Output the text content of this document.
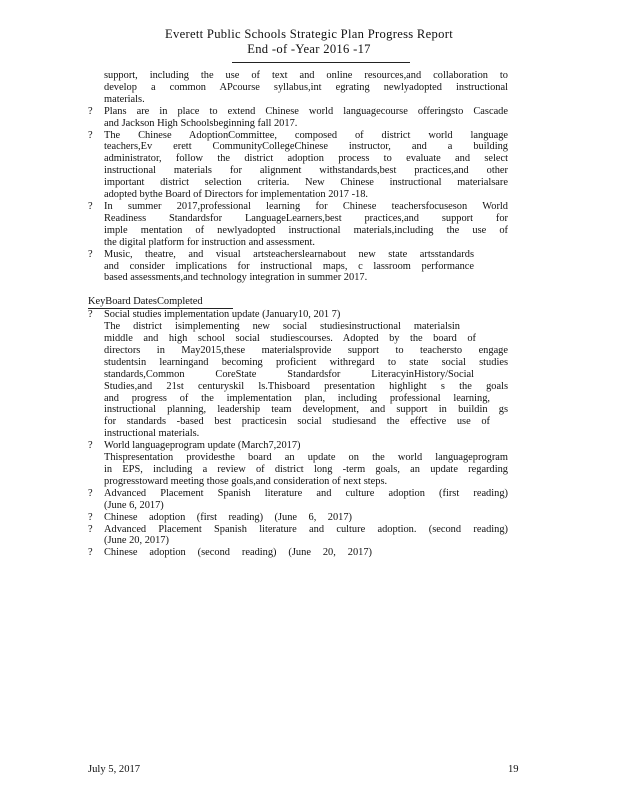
Everett Public Schools Strategic Plan Progress Report
End -of -Year 2016 -17
support, including the use of text and online resources,and collaboration to
develop a common APcourse syllabus,int egrating newlyadopted instructional
materials.
?	Plans are in place to extend Chinese world languagecourse offeringsto Cascade
and Jackson High Schoolsbeginning fall 2017.
?	The Chinese AdoptionCommittee, composed of district world language
teachers,Ev erett CommunityCollegeChinese instructor, and a building
administrator, follow the district adoption process to evaluate and select
instructional materials for alignment withstandards,best practices,and other
important district selection criteria. New Chinese instructional materialsare
adopted bythe Board of Directors for implementation 2017 -18.
?	In summer 2017,professional learning for Chinese teachersfocuseson World
Readiness Standardsfor LanguageLearners,best practices,and support for
imple mentation of newlyadopted instructional materials,including the use of
the digital platform for instruction and assessment.
?	Music, theatre, and visual artsteacherslearnabout new state artsstandards
and consider implications for instructional maps, c lassroom performance
based assessments,and technology integration in summer 2017.
KeyBoard DatesCompleted
?	Social studies implementation update (January10, 201 7)
The district isimplementing new social studiesinstructional materialsin
middle and high school social studiescourses. Adopted by the board of
directors in May2015,these materialsprovide support to teachersto engage
studentsin learningand becoming proficient withregard to state social studies
standards,Common CoreState Standardsfor LiteracyinHistory/Social
Studies,and 21st centuryskil ls.Thisboard presentation highlight s the goals
and progress of the implementation plan, including professional learning,
instructional planning, leadership team development, and support in buildin gs
for standards -based best practicesin social studiesand the effective use of
instructional materials.
?	World languageprogram update (March7,2017)
Thispresentation providesthe board an update on the world languageprogram
in EPS, including a review of district long -term goals, an update regarding
progresstoward meeting those goals,and consideration of next steps.
?	Advanced Placement Spanish literature and culture adoption (first reading)
(June 6, 2017)
?	Chinese adoption (first reading) (June 6, 2017)
?	Advanced Placement Spanish literature and culture adoption. (second reading)
(June 20, 2017)
?	Chinese adoption (second reading) (June 20, 2017)
July 5, 2017	19
